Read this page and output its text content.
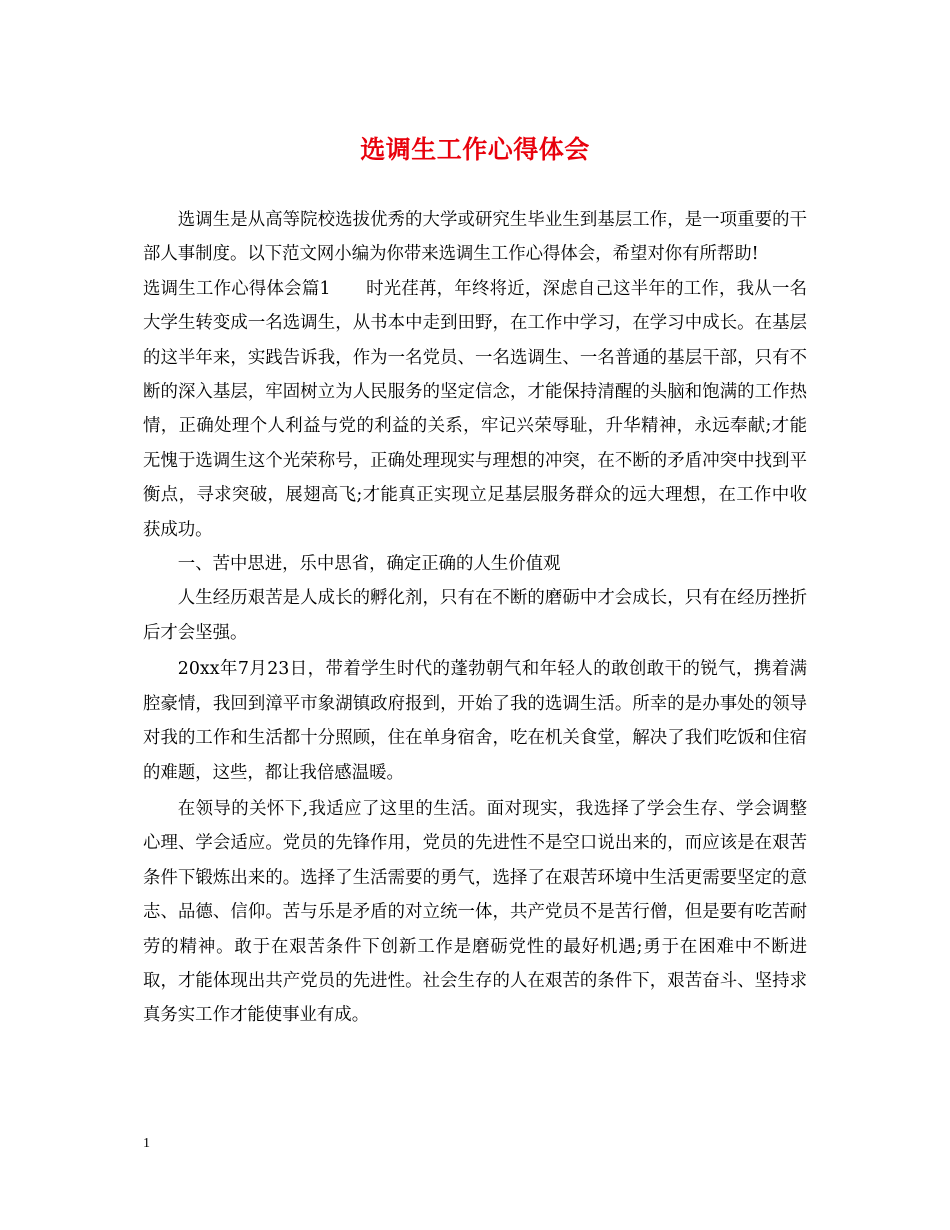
选调生工作心得体会

选调生是从高等院校选拔优秀的大学或研究生毕业生到基层工作，是一项重要的干部人事制度。以下范文网小编为你带来选调生工作心得体会，希望对你有所帮助!

选调生工作心得体会篇1　　时光荏苒，年终将近，深虑自己这半年的工作，我从一名大学生转变成一名选调生，从书本中走到田野，在工作中学习，在学习中成长。在基层的这半年来，实践告诉我，作为一名党员、一名选调生、一名普通的基层干部，只有不断的深入基层，牢固树立为人民服务的坚定信念，才能保持清醒的头脑和饱满的工作热情，正确处理个人利益与党的利益的关系，牢记兴荣辱耻，升华精神，永远奉献;才能无愧于选调生这个光荣称号，正确处理现实与理想的冲突，在不断的矛盾冲突中找到平衡点，寻求突破，展翅高飞;才能真正实现立足基层服务群众的远大理想，在工作中收获成功。

一、苦中思进，乐中思省，确定正确的人生价值观

人生经历艰苦是人成长的孵化剂，只有在不断的磨砺中才会成长，只有在经历挫折后才会坚强。

20xx年7月23日，带着学生时代的蓬勃朝气和年轻人的敢创敢干的锐气，携着满腔豪情，我回到漳平市象湖镇政府报到，开始了我的选调生活。所幸的是办事处的领导对我的工作和生活都十分照顾，住在单身宿舍，吃在机关食堂，解决了我们吃饭和住宿的难题，这些，都让我倍感温暖。

在领导的关怀下,我适应了这里的生活。面对现实，我选择了学会生存、学会调整心理、学会适应。党员的先锋作用，党员的先进性不是空口说出来的，而应该是在艰苦条件下锻炼出来的。选择了生活需要的勇气，选择了在艰苦环境中生活更需要坚定的意志、品德、信仰。苦与乐是矛盾的对立统一体，共产党员不是苦行僧，但是要有吃苦耐劳的精神。敢于在艰苦条件下创新工作是磨砺党性的最好机遇;勇于在困难中不断进取，才能体现出共产党员的先进性。社会生存的人在艰苦的条件下，艰苦奋斗、坚持求真务实工作才能使事业有成。

1
